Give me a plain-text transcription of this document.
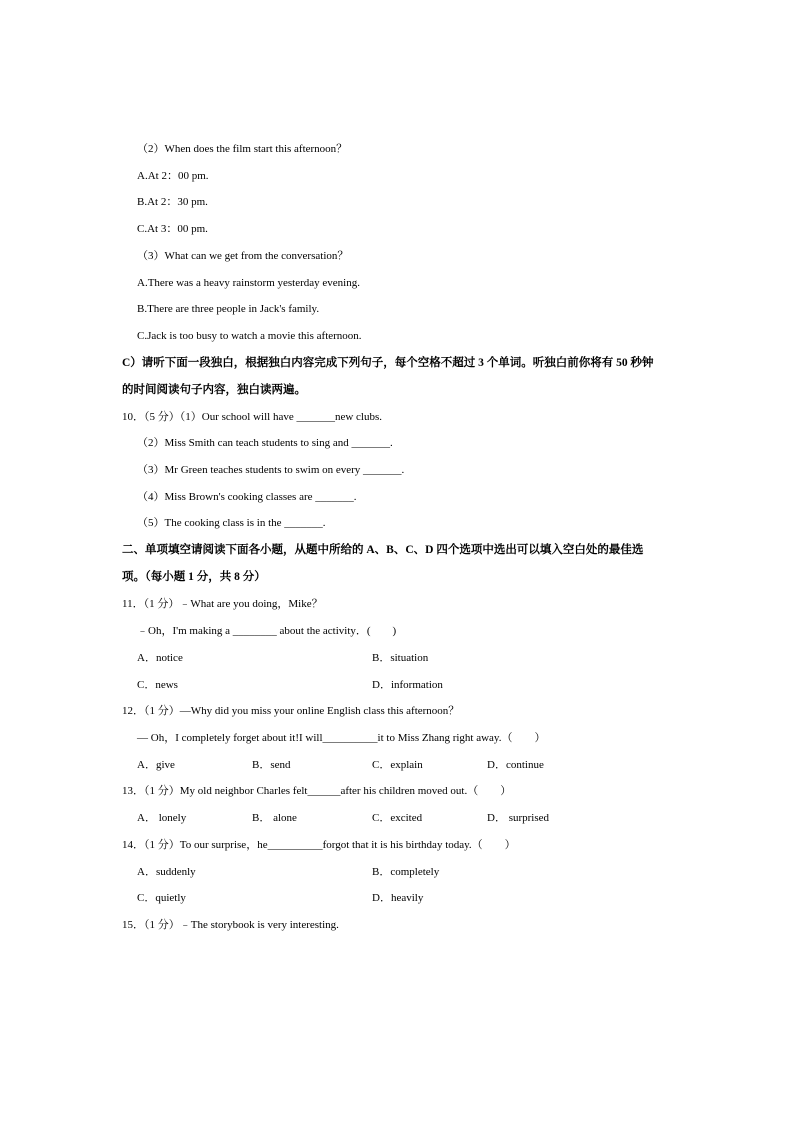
（2）When does the film start this afternoon？
A.At 2：00 pm.
B.At 2：30 pm.
C.At 3：00 pm.
（3）What can we get from the conversation？
A.There was a heavy rainstorm yesterday evening.
B.There are three people in Jack's family.
C.Jack is too busy to watch a movie this afternoon.
C）请听下面一段独白，根据独白内容完成下列句子，每个空格不超过 3 个单词。听独白前你将有 50 秒钟
的时间阅读句子内容，独白读两遍。
10．（5 分）（1）Our school will have _______new clubs.
（2）Miss Smith can teach students to sing and _______.
（3）Mr Green teaches students to swim on every _______.
（4）Miss Brown's cooking classes are _______.
（5）The cooking class is in the _______.
二、单项填空请阅读下面各小题，从题中所给的 A、B、C、D 四个选项中选出可以填入空白处的最佳选
项。（每小题 1 分，共 8 分）
11．（1 分）﹣What are you doing，Mike？
﹣Oh，I'm making a ________ about the activity．(　　)
A．notice	B．situation
C．news	D．information
12．（1 分）—Why did you miss your online English class this afternoon？
— Oh，I completely forget about it!I will__________it to Miss Zhang right away.（　　）
A．give	B．send	C．explain	D．continue
13．（1 分）My old neighbor Charles felt______after his children moved out.（　　）
A． lonely	B． alone	C．excited	D． surprised
14．（1 分）To our surprise，he__________forgot that it is his birthday today.（　　）
A．suddenly	B．completely
C．quietly	D．heavily
15．（1 分）﹣The storybook is very interesting.
